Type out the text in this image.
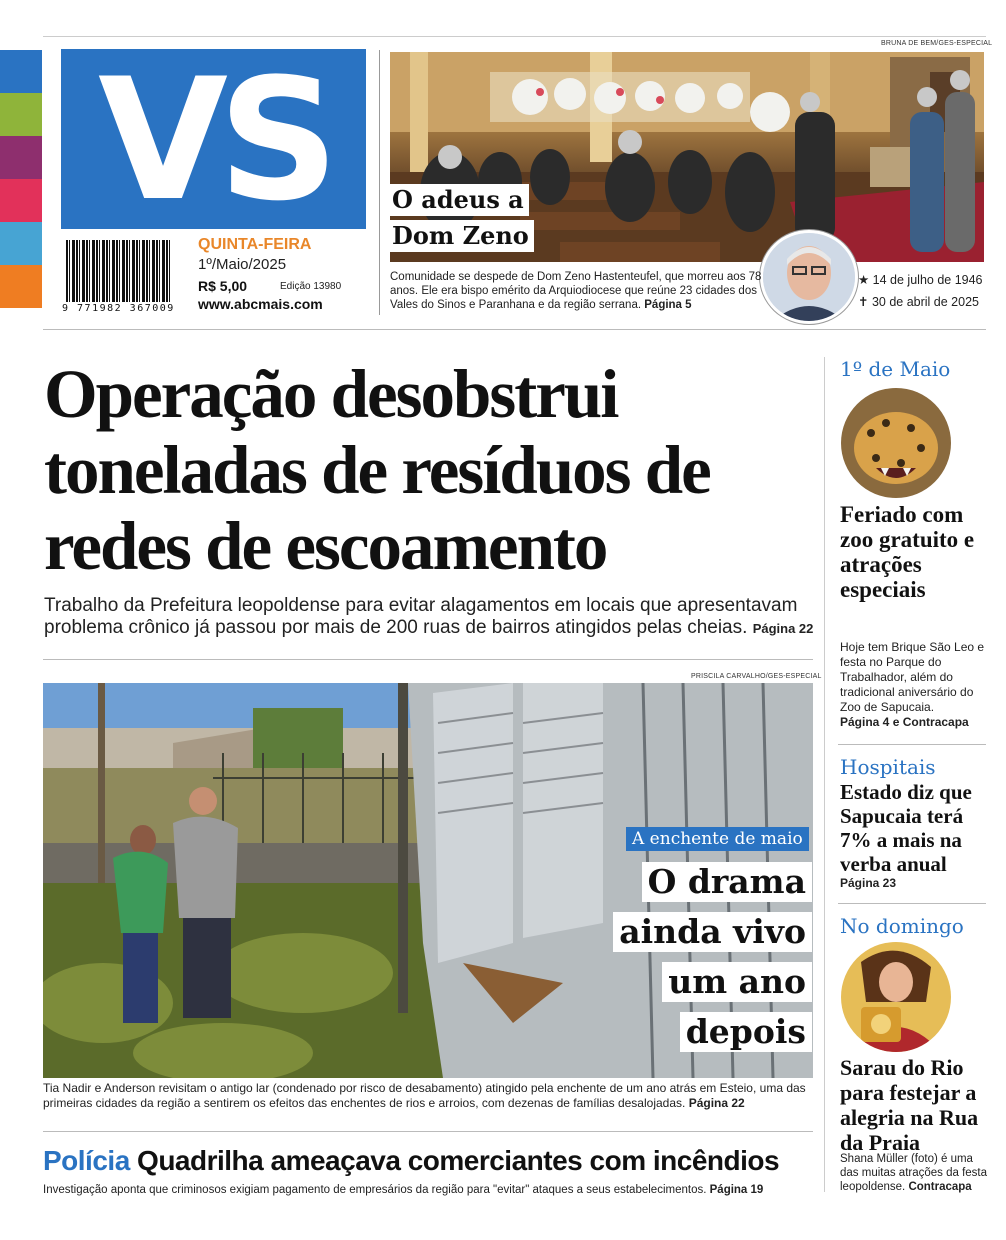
VS
9 771982 367009
QUINTA-FEIRA
1º/Maio/2025
R$ 5,00	Edição 13980
www.abcmais.com
BRUNA DE BEM/GES-ESPECIAL
O adeus a
Dom Zeno
Comunidade se despede de Dom Zeno Hastenteufel, que morreu aos 78 anos. Ele era bispo emérito da Arquiodiocese que reúne 23 cidades dos Vales do Sinos e Paranhana e da região serrana. Página 5
★ 14 de julho de 1946
✝ 30 de abril de 2025
Operação desobstrui toneladas de resíduos de redes de escoamento
Trabalho da Prefeitura leopoldense para evitar alagamentos em locais que apresentavam problema crônico já passou por mais de 200 ruas de bairros atingidos pelas cheias. Página 22
PRISCILA CARVALHO/GES-ESPECIAL
A enchente de maio
O drama
ainda vivo
um ano
depois
Tia Nadir e Anderson revisitam o antigo lar (condenado por risco de desabamento) atingido pela enchente de um ano atrás em Esteio, uma das primeiras cidades da região a sentirem os efeitos das enchentes de rios e arroios, com dezenas de famílias desalojadas. Página 22
Polícia Quadrilha ameaçava comerciantes com incêndios
Investigação aponta que criminosos exigiam pagamento de empresários da região para "evitar" ataques a seus estabelecimentos. Página 19
1º de Maio
Feriado com zoo gratuito e atrações especiais
Hoje tem Brique São Leo e festa no Parque do Trabalhador, além do tradicional aniversário do Zoo de Sapucaia.
Página 4 e Contracapa
Hospitais
Estado diz que Sapucaia terá 7% a mais na verba anual
Página 23
No domingo
Sarau do Rio para festejar a alegria na Rua da Praia
Shana Müller (foto) é uma das muitas atrações da festa leopoldense. Contracapa
